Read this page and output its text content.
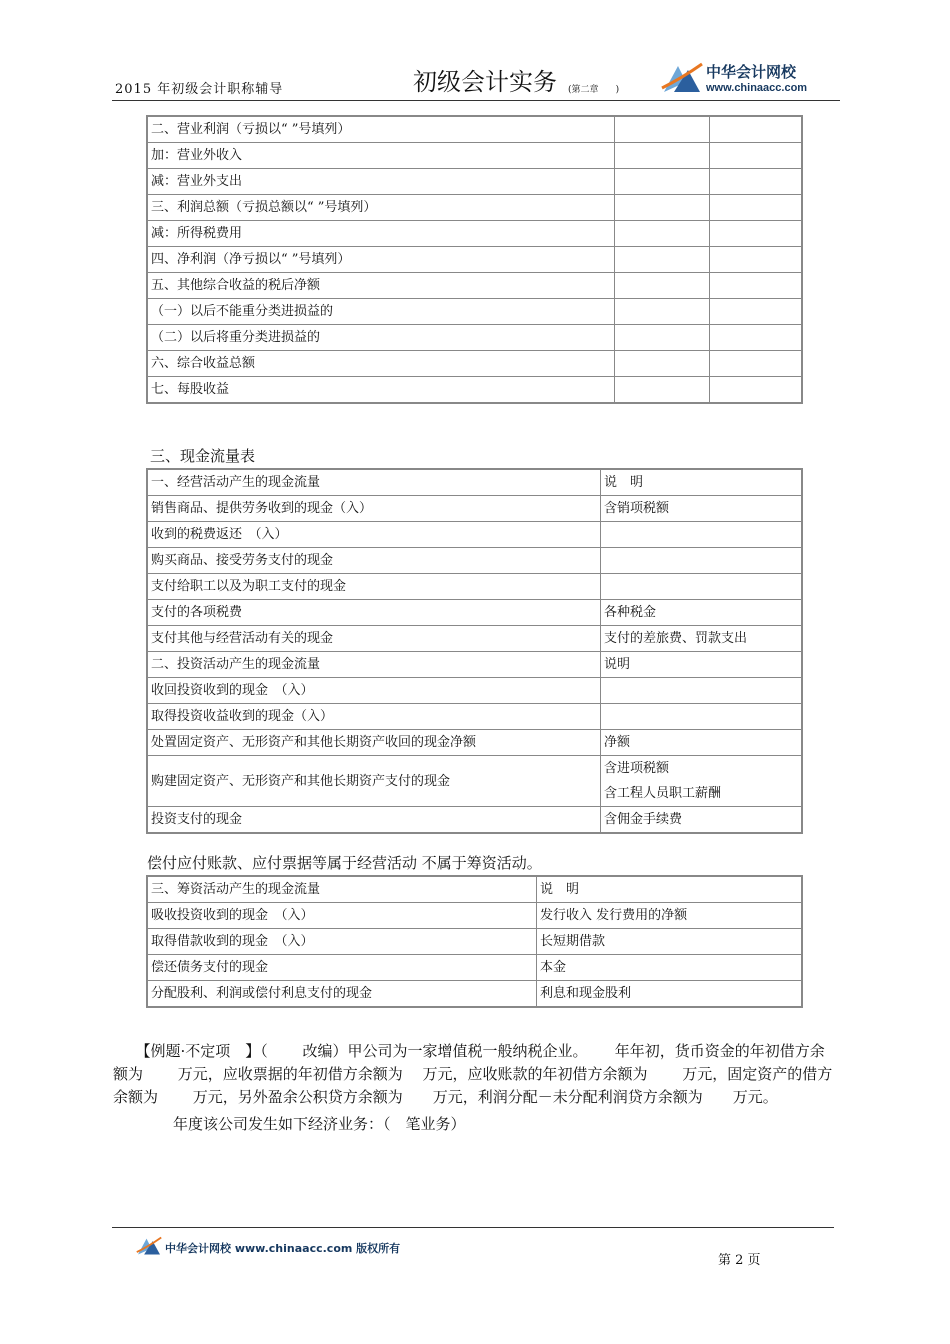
2015 年初级会计职称辅导	初级会计实务 (第二章      )
中华会计网校
www.chinaacc.com
二、营业利润（亏损以“ ”号填列）		
加：营业外收入		
减：营业外支出		
三、利润总额（亏损总额以“ ”号填列）		
减：所得税费用		
四、净利润（净亏损以“ ”号填列）		
五、其他综合收益的税后净额		
（一）以后不能重分类进损益的		
（二）以后将重分类进损益的		
六、综合收益总额		
七、每股收益		
三、现金流量表
一、经营活动产生的现金流量	说　明
销售商品、提供劳务收到的现金（入）	含销项税额
收到的税费返还　（入）	
购买商品、接受劳务支付的现金	
支付给职工以及为职工支付的现金	
支付的各项税费	各种税金
支付其他与经营活动有关的现金	支付的差旅费、罚款支出
二、投资活动产生的现金流量	说明
收回投资收到的现金　（入）	
取得投资收益收到的现金（入）	
处置固定资产、无形资产和其他长期资产收回的现金净额	净额
购建固定资产、无形资产和其他长期资产支付的现金	含进项税额
含工程人员职工薪酬

投资支付的现金	含佣金手续费
偿付应付账款、应付票据等属于经营活动 不属于筹资活动。
三、筹资活动产生的现金流量	说　明
吸收投资收到的现金　（入）	发行收入 发行费用的净额
取得借款收到的现金　（入）	长短期借款
偿还债务支付的现金	本金
分配股利、利润或偿付利息支付的现金	利息和现金股利

　　【例题·不定项　】（　　 改编）甲公司为一家增值税一般纳税企业。　　 年年初，货币资金的年初借方余额为　　 万元，应收票据的年初借方余额为　 万元，应收账款的年初借方余额为　　 万元，固定资产的借方余额为　　 万元，另外盈余公积贷方余额为　　万元，利润分配－未分配利润贷方余额为　　万元。

　　　　年度该公司发生如下经济业务：（　笔业务）

中华会计网校 www.chinaacc.com 版权所有
第 2 页
